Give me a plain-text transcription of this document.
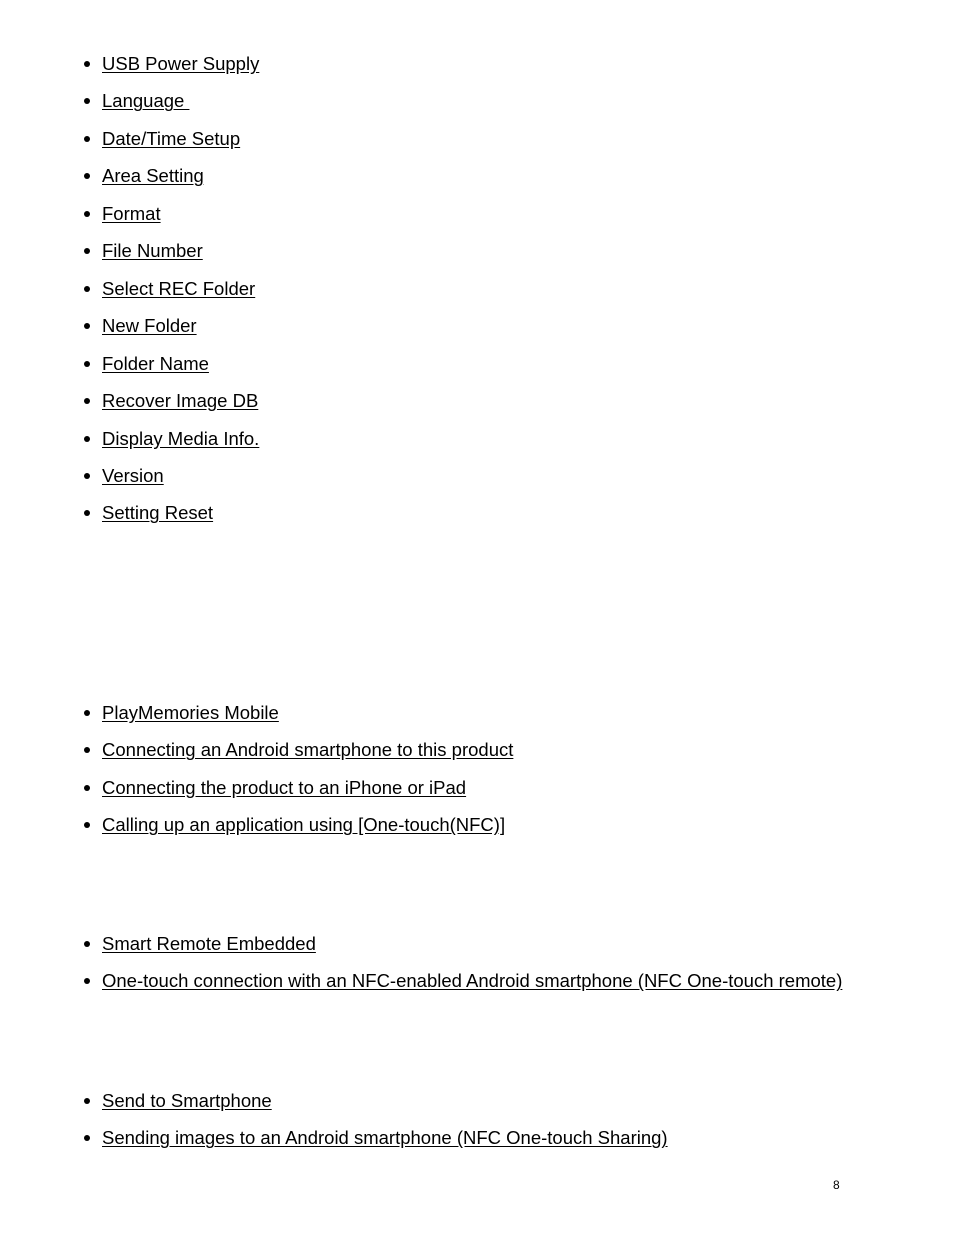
USB Power Supply
Language
Date/Time Setup
Area Setting
Format
File Number
Select REC Folder
New Folder
Folder Name
Recover Image DB
Display Media Info.
Version
Setting Reset
PlayMemories Mobile
Connecting an Android smartphone to this product
Connecting the product to an iPhone or iPad
Calling up an application using [One-touch(NFC)]
Smart Remote Embedded
One-touch connection with an NFC-enabled Android smartphone (NFC One-touch remote)
Send to Smartphone
Sending images to an Android smartphone (NFC One-touch Sharing)
8
